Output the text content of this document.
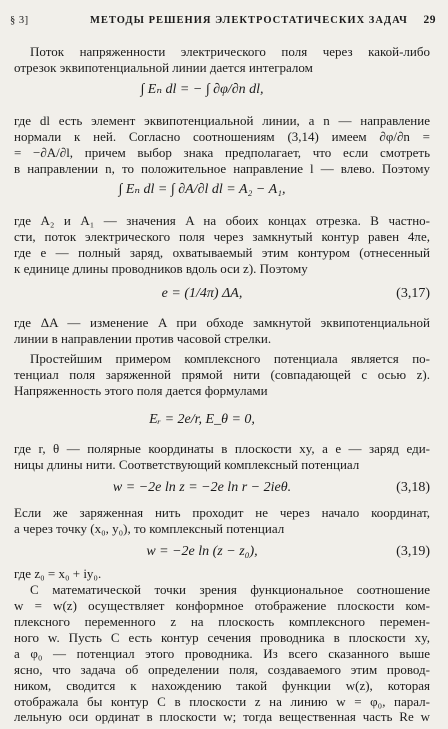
§ 3]	МЕТОДЫ РЕШЕНИЯ ЭЛЕКТРОСТАТИЧЕСКИХ ЗАДАЧ 29
Поток напряженности электрического поля через какой-либо
отрезок эквипотенциальной линии дается интегралом
∫ Eₙ dl = − ∫ ∂φ/∂n dl,
где dl есть элемент эквипотенциальной линии, a n — направление
нормали к ней. Согласно соотношениям (3,14) имеем ∂φ/∂n =
= −∂A/∂l, причем выбор знака предполагает, что если смотреть
в направлении n, то положительное направление l — влево. Поэтому
∫ Eₙ dl = ∫ ∂A/∂l dl = A₂ − A₁,
где A₂ и A₁ — значения A на обоих концах отрезка. В частно-
сти, поток электрического поля через замкнутый контур равен 4πe,
где e — полный заряд, охватываемый этим контуром (отнесенный
к единице длины проводников вдоль оси z). Поэтому
e = (1/4π) ΔA,	(3,17)
где ΔA — изменение A при обходе замкнутой эквипотенциальной
линии в направлении против часовой стрелки.
Простейшим примером комплексного потенциала является по-
тенциал поля заряженной прямой нити (совпадающей с осью z).
Напряженность этого поля дается формулами
Eᵣ = 2e/r, E_θ = 0,
где r, θ — полярные координаты в плоскости xy, a e — заряд еди-
ницы длины нити. Соответствующий комплексный потенциал
w = −2e ln z = −2e ln r − 2ieθ.	(3,18)
Если же заряженная нить проходит не через начало координат,
а через точку (x₀, y₀), то комплексный потенциал
w = −2e ln (z − z₀),	(3,19)
где z₀ = x₀ + iy₀.
С математической точки зрения функциональное соотношение
w = w(z) осуществляет конформное отображение плоскости ком-
плексного переменного z на плоскость комплексного перемен-
ного w. Пусть C есть контур сечения проводника в плоскости xy,
а φ₀ — потенциал этого проводника. Из всего сказанного выше
ясно, что задача об определении поля, создаваемого этим провод-
ником, сводится к нахождению такой функции w(z), которая
отображала бы контур C в плоскости z на линию w = φ₀, парал-
лельную оси ординат в плоскости w; тогда вещественная часть Re w
